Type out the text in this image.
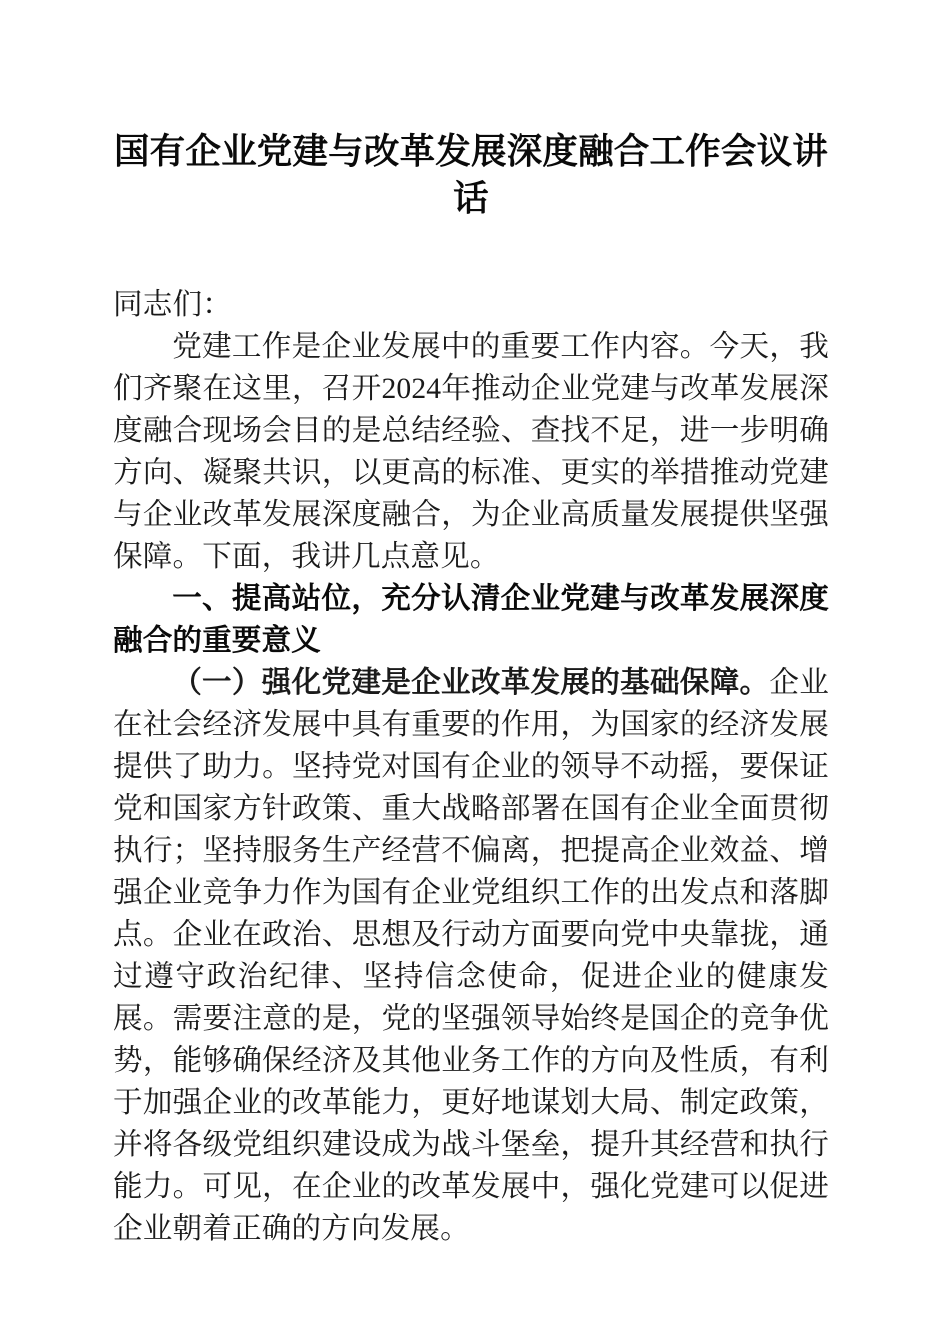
国有企业党建与改革发展深度融合工作会议讲话

同志们：

党建工作是企业发展中的重要工作内容。今天，我们齐聚在这里，召开2024年推动企业党建与改革发展深度融合现场会目的是总结经验、查找不足，进一步明确方向、凝聚共识，以更高的标准、更实的举措推动党建与企业改革发展深度融合，为企业高质量发展提供坚强保障。下面，我讲几点意见。

一、提高站位，充分认清企业党建与改革发展深度融合的重要意义

（一）强化党建是企业改革发展的基础保障。企业在社会经济发展中具有重要的作用，为国家的经济发展提供了助力。坚持党对国有企业的领导不动摇，要保证党和国家方针政策、重大战略部署在国有企业全面贯彻执行；坚持服务生产经营不偏离，把提高企业效益、增强企业竞争力作为国有企业党组织工作的出发点和落脚点。企业在政治、思想及行动方面要向党中央靠拢，通过遵守政治纪律、坚持信念使命，促进企业的健康发展。需要注意的是，党的坚强领导始终是国企的竞争优势，能够确保经济及其他业务工作的方向及性质，有利于加强企业的改革能力，更好地谋划大局、制定政策，并将各级党组织建设成为战斗堡垒，提升其经营和执行能力。可见，在企业的改革发展中，强化党建可以促进企业朝着正确的方向发展。
